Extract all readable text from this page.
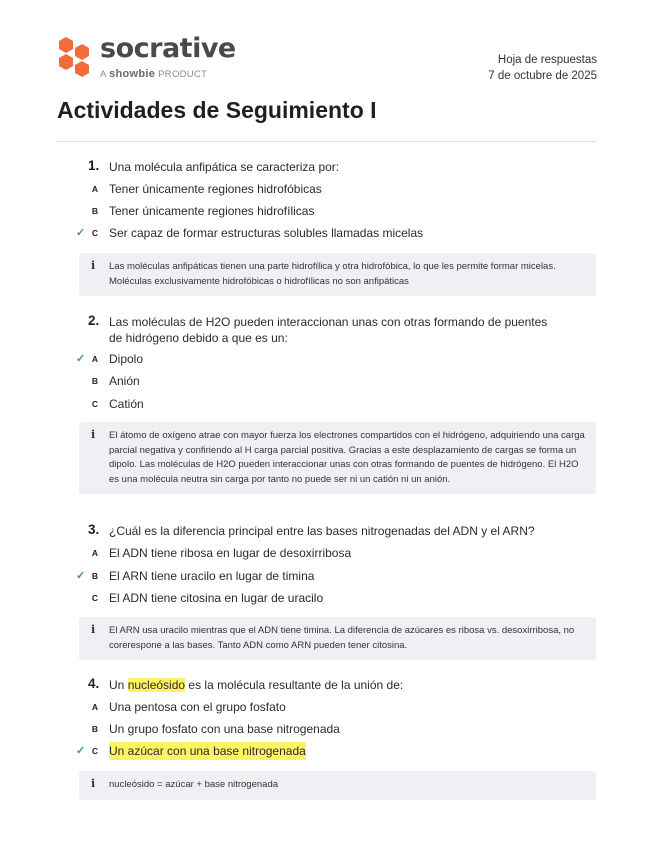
socrative
A showbie PRODUCT
Hoja de respuestas
7 de octubre de 2025
Actividades de Seguimiento I
1. Una molécula anfipática se caracteriza por:
A Tener únicamente regiones hidrofóbicas
B Tener únicamente regiones hidrofílicas
✓ C Ser capaz de formar estructuras solubles llamadas micelas
i Las moléculas anfipáticas tienen una parte hidrofílica y otra hidrofóbica, lo que les permite formar micelas. Moléculas exclusivamente hidrofóbicas o hidrofílicas no son anfipáticas
2. Las moléculas de H2O pueden interaccionan unas con otras formando de puentes de hidrógeno debido a que es un:
✓ A Dipolo
B Anión
C Catión
i El átomo de oxígeno atrae con mayor fuerza los electrones compartidos con el hidrógeno, adquiriendo una carga parcial negativa y confiriendo al H carga parcial positiva. Gracias a este desplazamiento de cargas se forma un dipolo. Las moléculas de H2O pueden interaccionar unas con otras formando de puentes de hidrógeno. El H2O es una molécula neutra sin carga por tanto no puede ser ni un catión ni un anión.
3. ¿Cuál es la diferencia principal entre las bases nitrogenadas del ADN y el ARN?
A El ADN tiene ribosa en lugar de desoxirribosa
✓ B El ARN tiene uracilo en lugar de timina
C El ADN tiene citosina en lugar de uracilo
i El ARN usa uracilo mientras que el ADN tiene timina. La diferencia de azúcares es ribosa vs. desoxirribosa, no corerespone a las bases. Tanto ADN como ARN pueden tener citosina.
4. Un nucleósido es la molécula resultante de la unión de:
A Una pentosa con el grupo fosfato
B Un grupo fosfato con una base nitrogenada
✓ C Un azúcar con una base nitrogenada
i nucleósido = azúcar + base nitrogenada
